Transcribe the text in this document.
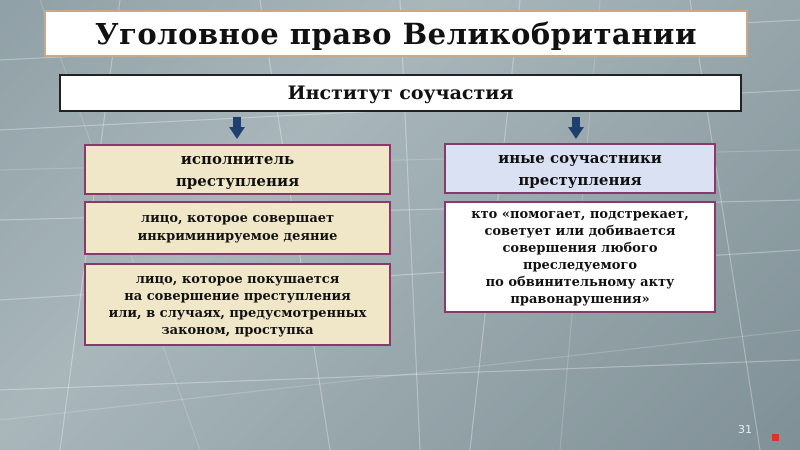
Уголовное право Великобритании
Институт соучастия
исполнитель
преступления
иные соучастники
преступления
лицо, которое совершает
инкриминируемое деяние
лицо, которое покушается
на совершение преступления
или, в случаях, предусмотренных
законом, проступка
кто «помогает, подстрекает,
советует или добивается
совершения любого
преследуемого
по обвинительному акту
правонарушения»
31
